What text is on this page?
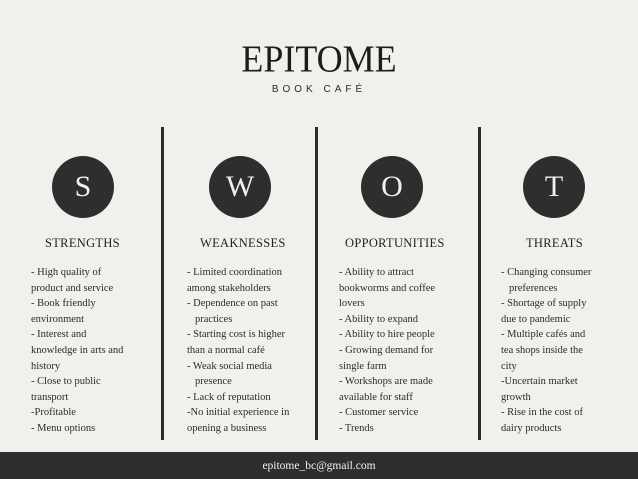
EPITOME
BOOK CAFÉ
S
STRENGTHS
- High quality of
product and service
- Book friendly
environment
- Interest and
knowledge in arts and
history
- Close to public
transport
-Profitable
- Menu options
W
WEAKNESSES
- Limited coordination
among stakeholders
- Dependence on past
practices
- Starting cost is higher
than a normal café
- Weak social media
presence
- Lack of reputation
-No initial experience in
opening a business
O
OPPORTUNITIES
- Ability to attract
bookworms and coffee
lovers
- Ability to expand
- Ability to hire people
- Growing demand for
single farm
- Workshops are made
available for staff
- Customer service
- Trends
T
THREATS
- Changing consumer
preferences
- Shortage of supply
due to pandemic
- Multiple cafés and
tea shops inside the
city
-Uncertain market
growth
- Rise in the cost of
dairy products
epitome_bc@gmail.com
